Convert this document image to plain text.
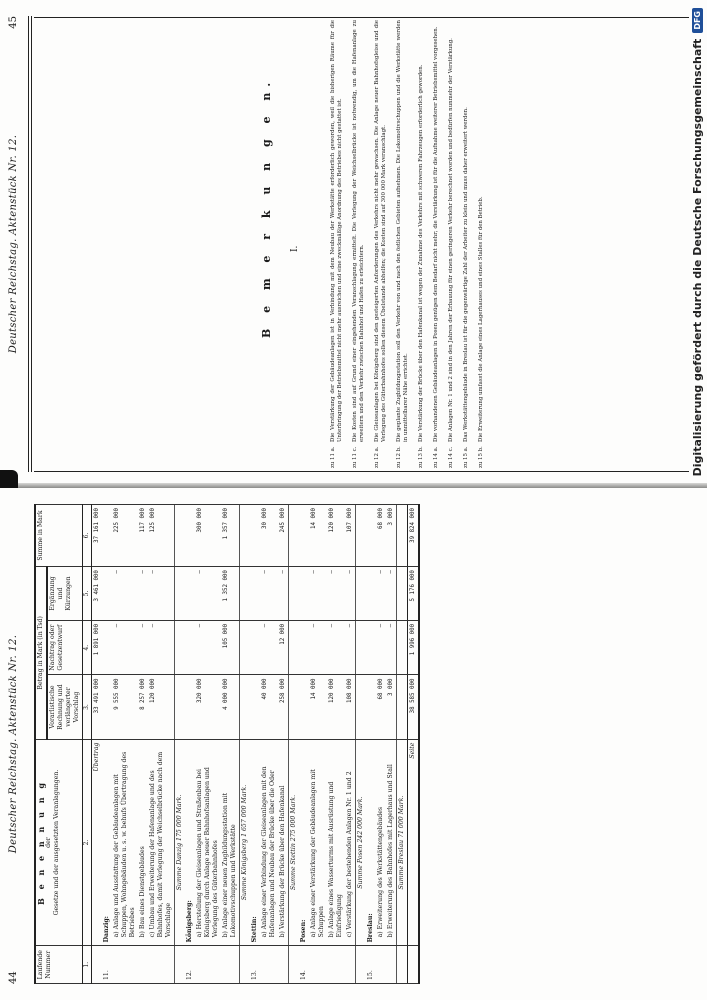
Deutscher Reichstag. Aktenstück Nr. 12.
45
B e m e r k u n g e n. I.
zu 11 a.

Die Verstärkung der Gebäudeanlagen ist in Verbindung mit dem Neubau der Werkstätte erforderlich geworden, weil die bisherigen Räume für die Unterbringung der Betriebsmittel nicht mehr ausreichen und eine zweckmäßige Anordnung des Betriebes nicht gestattet ist.

zu 11 c.

Die Kosten sind auf Grund einer eingehenden Veranschlagung ermittelt. Die Verlegung der Weichselbrücke ist notwendig, um die Hafenanlage zu erweitern und den Verkehr zwischen Bahnhof und Hafen zu erleichtern.

zu 12 a.

Die Gleiseanlagen bei Königsberg sind den gesteigerten Anforderungen des Verkehrs nicht mehr gewachsen. Die Anlage neuer Bahnhofsgleise und die Verlegung des Güterbahnhofes sollen diesem Übelstande abhelfen; die Kosten sind auf 300 000 Mark veranschlagt.

zu 12 b.

Die geplante Zugbildungsstation soll den Verkehr von und nach den östlichen Gebieten aufnehmen. Die Lokomotivschuppen und die Werkstätte werden in unmittelbarer Nähe errichtet.

zu 13 b.

Die Verstärkung der Brücke über den Hafenkanal ist wegen der Zunahme des Verkehrs mit schweren Fahrzeugen erforderlich geworden.

zu 14 a.

Die vorhandenen Gebäudeanlagen in Posen genügen dem Bedarf nicht mehr; die Verstärkung ist für die Aufnahme weiterer Betriebsmittel vorgesehen.

zu 14 c.

Die Anlagen Nr. 1 und 2 sind in den Jahren der Erbauung für einen geringeren Verkehr berechnet worden und bedürfen nunmehr der Verstärkung.

zu 15 a.

Das Werkstättengebäude in Breslau ist für die gegenwärtige Zahl der Arbeiter zu klein und muss daher erweitert werden.

zu 15 b.

Die Erweiterung umfasst die Anlage eines Lagerhauses und eines Stalles für den Betrieb.

44
Deutscher Reichstag. Aktenstück Nr. 12.
Laufende Nummer	B e n e n n u n g der Gesetze und der ausgesetzten Veranlagungen.	Betrag in Mark (in Tsd)			Summe in Mark
		Vorarlistische Rechnung und verlängerter Vorschlag	Nachtrag oder Gesetzentwurf	Ergänzung und Kürzungen	
1.	2.	3.	4.	5.	6.
	Übertrag	33 491 000	1 891 000	3 461 000	37 161 000
11.	Danzig:				
	a) Anlage und Ausstattung der Gebäudeanlagen mit Schuppen, Wohngebäuden u. s. w. behufs Übertragung des Betriebes	9 555 000	—	—	225 000
	b) Bau eines Dienstgebäudes	8 257 000	—	—	117 000
	c) Umbau und Erweiterung der Hafenanlage und des Bahnhofes, damit Verlegung der Weichselbrücke nach dem Vorschlage	120 000	—	—	125 000
	Summe Danzig 175 000 Mark.				
12.	Königsberg:				
	a) Herstellung der Gleiseanlagen und Straßenbau bei Königsberg durch Anlage neuer Bahnhofsanlagen und Verlegung des Güterbahnhofes	320 000	—	—	300 000
	b) Anlage einer neuen Zugbildungsstation mit Lokomotivschuppen und Werkstätte	4 000 000	105 000	1 352 000	1 357 000
	Summe Königsberg 1 657 000 Mark.				
13.	Stettin:				
	a) Anlage einer Verbindung der Gleiseanlagen mit den Hafenanlagen und Neubau der Brücke über die Oder	40 000	—	—	30 000
	b) Verstärkung der Brücke über den Hafenkanal	258 000	12 000	—	245 000
	Summe Stettin 275 000 Mark.				
14.	Posen:				
	a) Anlage einer Verstärkung der Gebäudeanlagen mit Schuppen	14 000	—	—	14 000
	b) Anlage eines Wasserturms mit Ausrüstung und Einfriedigung	120 000	—	—	120 000
	c) Verstärkung der bestehenden Anlagen Nr. 1 und 2	108 000	—	—	107 000
	Summe Posen 242 000 Mark.				
15.	Breslau:				
	a) Erweiterung des Werkstättengebäudes	68 000	—	—	68 000
	b) Erweiterung des Bahnhofes mit Lagerhaus und Stall	3 000	—	—	3 000
	Summe Breslau 71 000 Mark.				
	Seite	38 585 000	1 996 000	5 176 000	39 824 000
Digitalisierung gefördert durch die Deutsche Forschungsgemeinschaft
DFG
